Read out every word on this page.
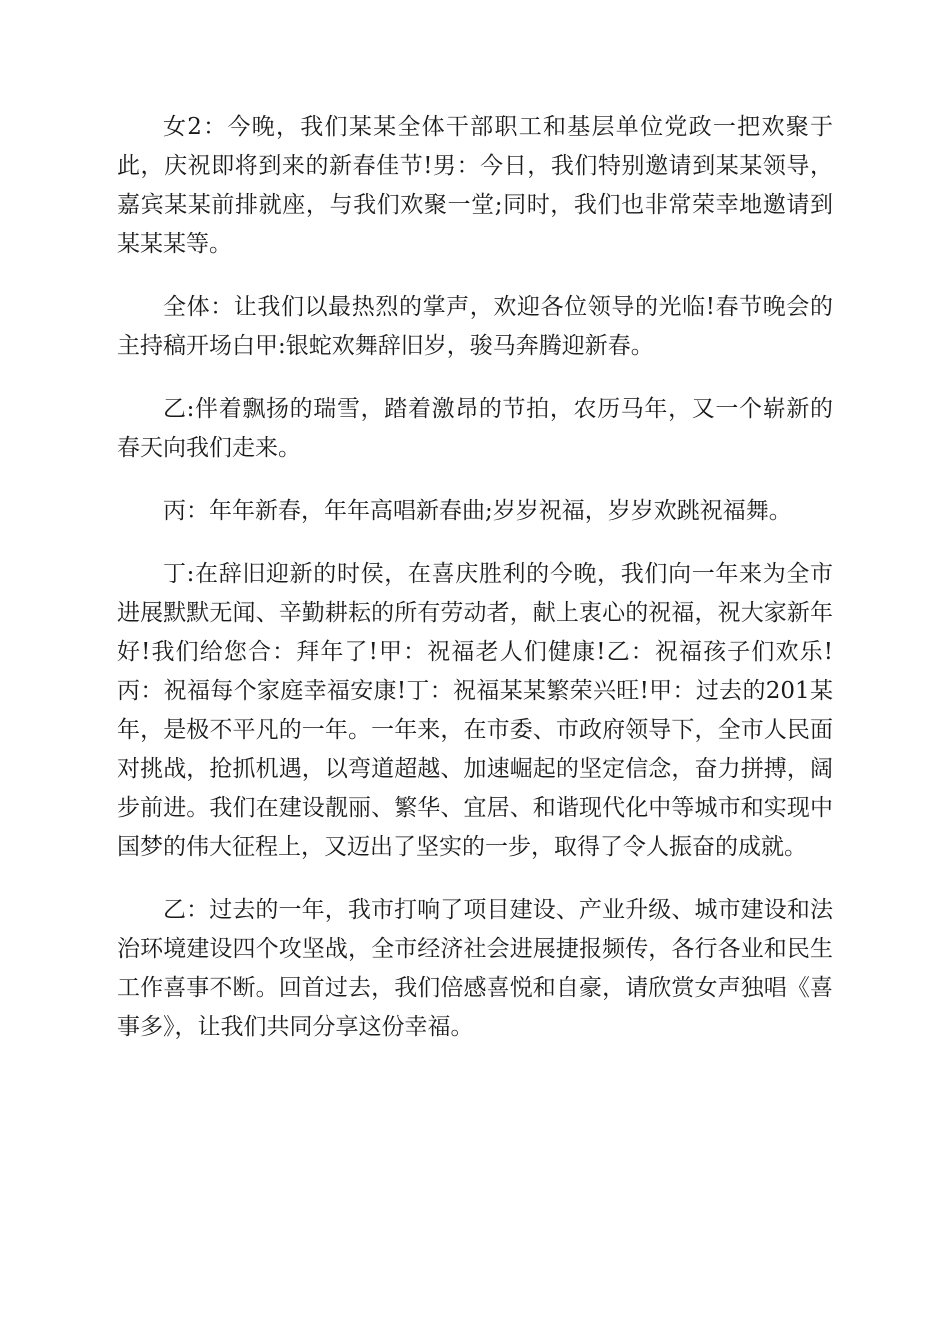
女2：今晚，我们某某全体干部职工和基层单位党政一把欢聚于此，庆祝即将到来的新春佳节!男：今日，我们特别邀请到某某领导，嘉宾某某前排就座，与我们欢聚一堂;同时，我们也非常荣幸地邀请到某某某等。

全体：让我们以最热烈的掌声，欢迎各位领导的光临!春节晚会的主持稿开场白甲:银蛇欢舞辞旧岁，骏马奔腾迎新春。

乙:伴着飘扬的瑞雪，踏着激昂的节拍，农历马年，又一个崭新的春天向我们走来。

丙：年年新春，年年高唱新春曲;岁岁祝福，岁岁欢跳祝福舞。

丁:在辞旧迎新的时侯，在喜庆胜利的今晚，我们向一年来为全市进展默默无闻、辛勤耕耘的所有劳动者，献上衷心的祝福，祝大家新年好!我们给您合：拜年了!甲：祝福老人们健康!乙：祝福孩子们欢乐!丙：祝福每个家庭幸福安康!丁：祝福某某繁荣兴旺!甲：过去的201某年，是极不平凡的一年。一年来，在市委、市政府领导下，全市人民面对挑战，抢抓机遇，以弯道超越、加速崛起的坚定信念，奋力拼搏，阔步前进。我们在建设靓丽、繁华、宜居、和谐现代化中等城市和实现中国梦的伟大征程上，又迈出了坚实的一步，取得了令人振奋的成就。

乙：过去的一年，我市打响了项目建设、产业升级、城市建设和法治环境建设四个攻坚战，全市经济社会进展捷报频传，各行各业和民生工作喜事不断。回首过去，我们倍感喜悦和自豪，请欣赏女声独唱《喜事多》，让我们共同分享这份幸福。
